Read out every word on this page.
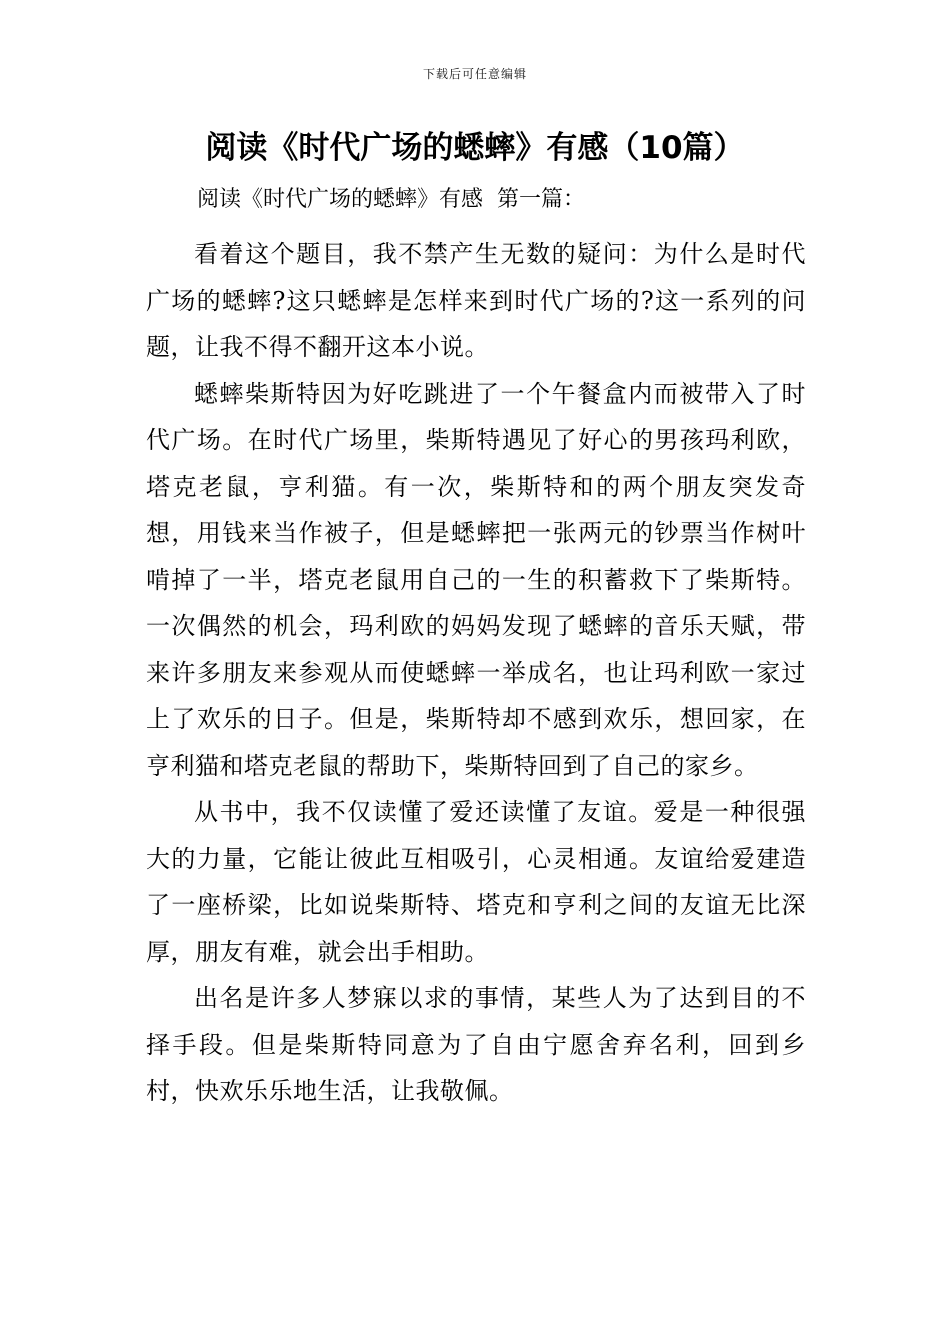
下载后可任意编辑
阅读《时代广场的蟋蟀》有感（10篇）
阅读《时代广场的蟋蟀》有感  第一篇：

看着这个题目，我不禁产生无数的疑问：为什么是时代广场的蟋蟀?这只蟋蟀是怎样来到时代广场的?这一系列的问题，让我不得不翻开这本小说。

蟋蟀柴斯特因为好吃跳进了一个午餐盒内而被带入了时代广场。在时代广场里，柴斯特遇见了好心的男孩玛利欧，塔克老鼠，亨利猫。有一次，柴斯特和的两个朋友突发奇想，用钱来当作被子，但是蟋蟀把一张两元的钞票当作树叶啃掉了一半，塔克老鼠用自己的一生的积蓄救下了柴斯特。一次偶然的机会，玛利欧的妈妈发现了蟋蟀的音乐天赋，带来许多朋友来参观从而使蟋蟀一举成名，也让玛利欧一家过上了欢乐的日子。但是，柴斯特却不感到欢乐，想回家，在亨利猫和塔克老鼠的帮助下，柴斯特回到了自己的家乡。

从书中，我不仅读懂了爱还读懂了友谊。爱是一种很强大的力量，它能让彼此互相吸引，心灵相通。友谊给爱建造了一座桥梁，比如说柴斯特、塔克和亨利之间的友谊无比深厚，朋友有难，就会出手相助。

出名是许多人梦寐以求的事情，某些人为了达到目的不择手段。但是柴斯特同意为了自由宁愿舍弃名利，回到乡村，快欢乐乐地生活，让我敬佩。
